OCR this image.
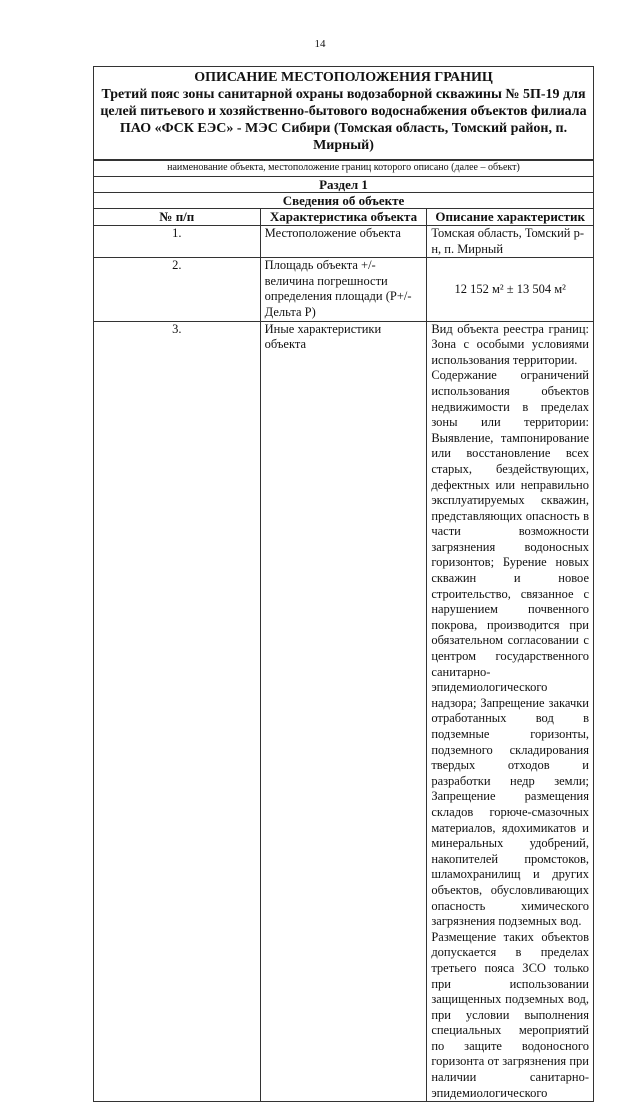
14
ОПИСАНИЕ МЕСТОПОЛОЖЕНИЯ ГРАНИЦ
Третий пояс зоны санитарной охраны водозаборной скважины № 5П-19 для целей питьевого и хозяйственно-бытового водоснабжения объектов филиала ПАО «ФСК ЕЭС» - МЭС Сибири (Томская область, Томский район, п. Мирный)
наименование объекта, местоположение границ которого описано (далее – объект)
Раздел 1		
Сведения об объекте		
№ п/п	Характеристика объекта	Описание характеристик
1.	Местоположение объекта	Томская область, Томский р-н, п. Мирный
2.	Площадь объекта +/- величина погрешности определения площади (Р+/- Дельта Р)	12 152 м² ± 13 504 м²
3.	Иные характеристики объекта	Вид объекта реестра границ: Зона с особыми условиями использования территории.

Содержание ограничений использования объектов недвижимости в пределах зоны или территории: Выявление, тампонирование или восстановление всех старых, бездействующих, дефектных или неправильно эксплуатируемых скважин, представляющих опасность в части возможности загрязнения водоносных горизонтов; Бурение новых скважин и новое строительство, связанное с нарушением почвенного покрова, производится при обязательном согласовании с центром государственного санитарно-эпидемиологического надзора; Запрещение закачки отработанных вод в подземные горизонты, подземного складирования твердых отходов и разработки недр земли; Запрещение размещения складов горюче-смазочных материалов, ядохимикатов и минеральных удобрений, накопителей промстоков, шламохранилищ и других объектов, обусловливающих опасность химического загрязнения подземных вод.

Размещение таких объектов допускается в пределах третьего пояса ЗСО только при использовании защищенных подземных вод, при условии выполнения специальных мероприятий по защите водоносного горизонта от загрязнения при наличии санитарно-эпидемиологического
